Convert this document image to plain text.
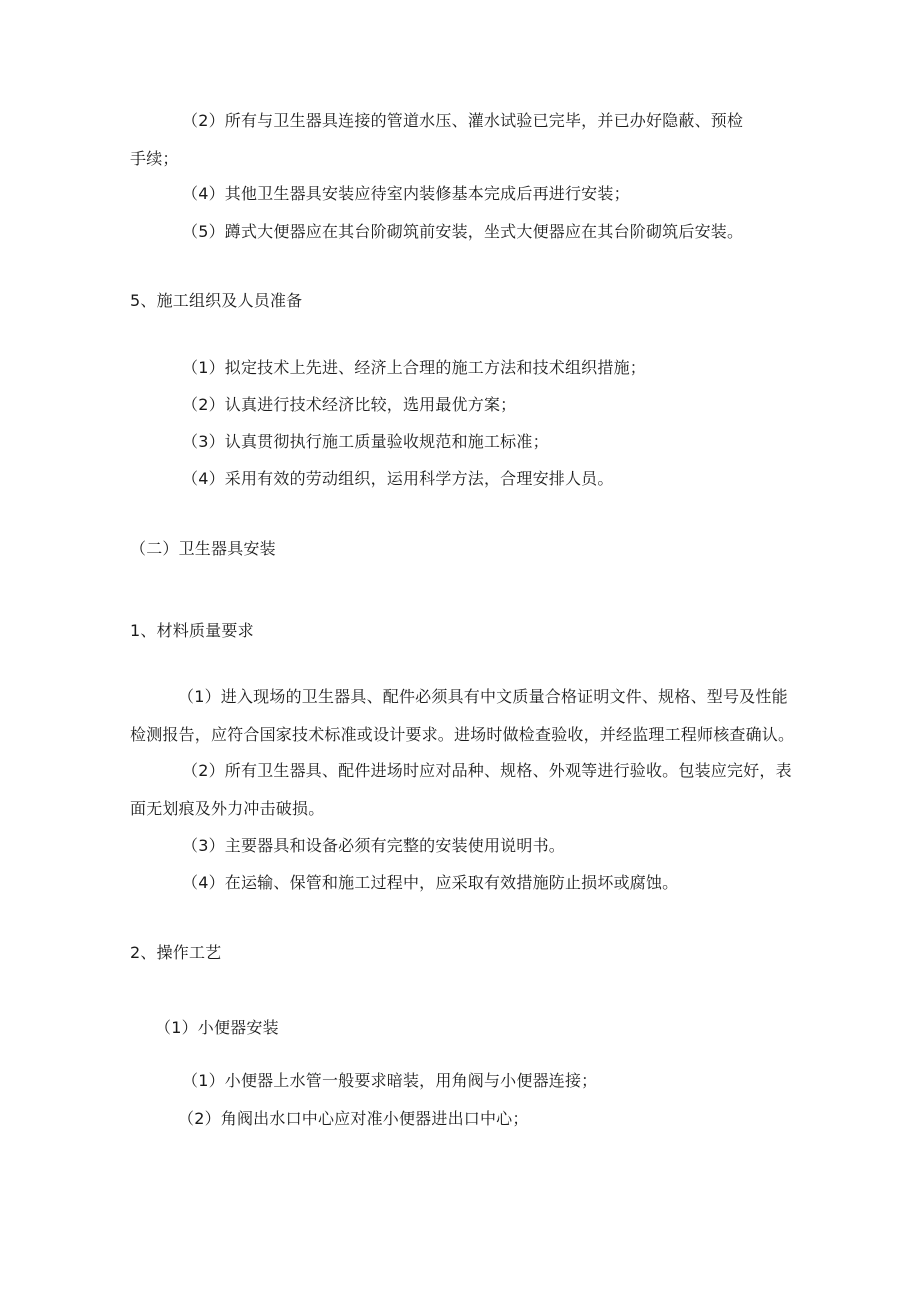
（2）所有与卫生器具连接的管道水压、灌水试验已完毕，并已办好隐蔽、预检
手续；
（4）其他卫生器具安装应待室内装修基本完成后再进行安装；
（5）蹲式大便器应在其台阶砌筑前安装，坐式大便器应在其台阶砌筑后安装。
5、施工组织及人员准备
（1）拟定技术上先进、经济上合理的施工方法和技术组织措施；
（2）认真进行技术经济比较，选用最优方案；
（3）认真贯彻执行施工质量验收规范和施工标准；
（4）采用有效的劳动组织，运用科学方法，合理安排人员。
（二）卫生器具安装
1、材料质量要求
（1）进入现场的卫生器具、配件必须具有中文质量合格证明文件、规格、型号及性能
检测报告，应符合国家技术标准或设计要求。进场时做检查验收，并经监理工程师核查确认。
（2）所有卫生器具、配件进场时应对品种、规格、外观等进行验收。包装应完好，表
面无划痕及外力冲击破损。
（3）主要器具和设备必须有完整的安装使用说明书。
（4）在运输、保管和施工过程中，应采取有效措施防止损坏或腐蚀。
2、操作工艺
（1）小便器安装
（1）小便器上水管一般要求暗装，用角阀与小便器连接；
（2）角阀出水口中心应对准小便器进出口中心；
